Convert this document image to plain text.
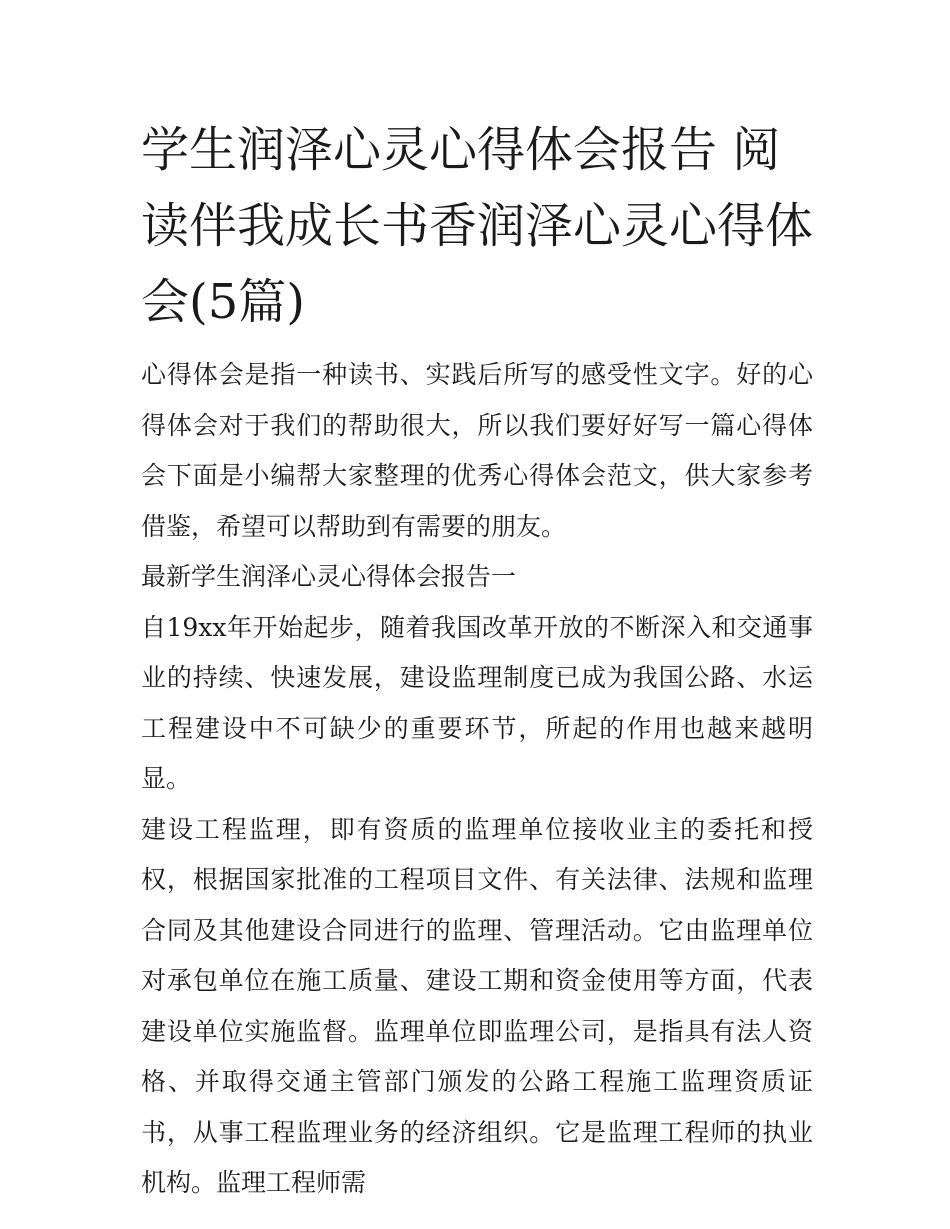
学生润泽心灵心得体会报告 阅读伴我成长书香润泽心灵心得体会(5篇)

心得体会是指一种读书、实践后所写的感受性文字。好的心得体会对于我们的帮助很大，所以我们要好好写一篇心得体会下面是小编帮大家整理的优秀心得体会范文，供大家参考借鉴，希望可以帮助到有需要的朋友。

最新学生润泽心灵心得体会报告一

自19xx年开始起步，随着我国改革开放的不断深入和交通事业的持续、快速发展，建设监理制度已成为我国公路、水运工程建设中不可缺少的重要环节，所起的作用也越来越明显。

建设工程监理，即有资质的监理单位接收业主的委托和授权，根据国家批准的工程项目文件、有关法律、法规和监理合同及其他建设合同进行的监理、管理活动。它由监理单位对承包单位在施工质量、建设工期和资金使用等方面，代表建设单位实施监督。监理单位即监理公司，是指具有法人资格、并取得交通主管部门颁发的公路工程施工监理资质证书，从事工程监理业务的经济组织。它是监理工程师的执业机构。监理工程师需
